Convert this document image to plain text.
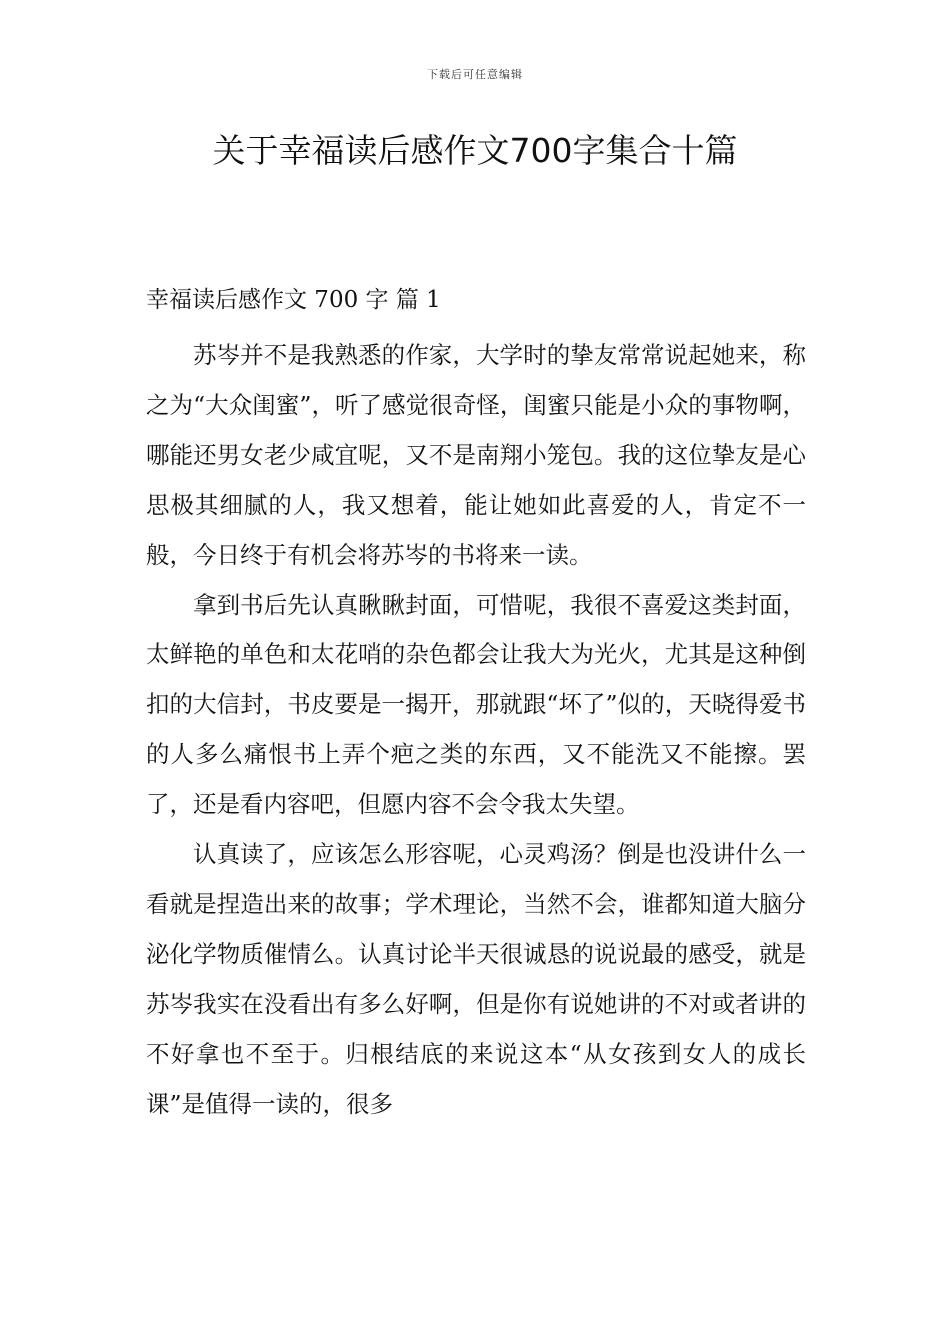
下载后可任意编辑
关于幸福读后感作文700字集合十篇
幸福读后感作文 700 字 篇 1

苏岑并不是我熟悉的作家，大学时的挚友常常说起她来，称之为“大众闺蜜”，听了感觉很奇怪，闺蜜只能是小众的事物啊，哪能还男女老少咸宜呢，又不是南翔小笼包。我的这位挚友是心思极其细腻的人，我又想着，能让她如此喜爱的人，肯定不一般，今日终于有机会将苏岑的书将来一读。

拿到书后先认真瞅瞅封面，可惜呢，我很不喜爱这类封面，太鲜艳的单色和太花哨的杂色都会让我大为光火，尤其是这种倒扣的大信封，书皮要是一揭开，那就跟“坏了”似的，天晓得爱书的人多么痛恨书上弄个疤之类的东西，又不能洗又不能擦。罢了，还是看内容吧，但愿内容不会令我太失望。

认真读了，应该怎么形容呢，心灵鸡汤？倒是也没讲什么一看就是捏造出来的故事；学术理论，当然不会，谁都知道大脑分泌化学物质催情么。认真讨论半天很诚恳的说说最的感受，就是苏岑我实在没看出有多么好啊，但是你有说她讲的不对或者讲的不好拿也不至于。归根结底的来说这本“从女孩到女人的成长课”是值得一读的，很多
